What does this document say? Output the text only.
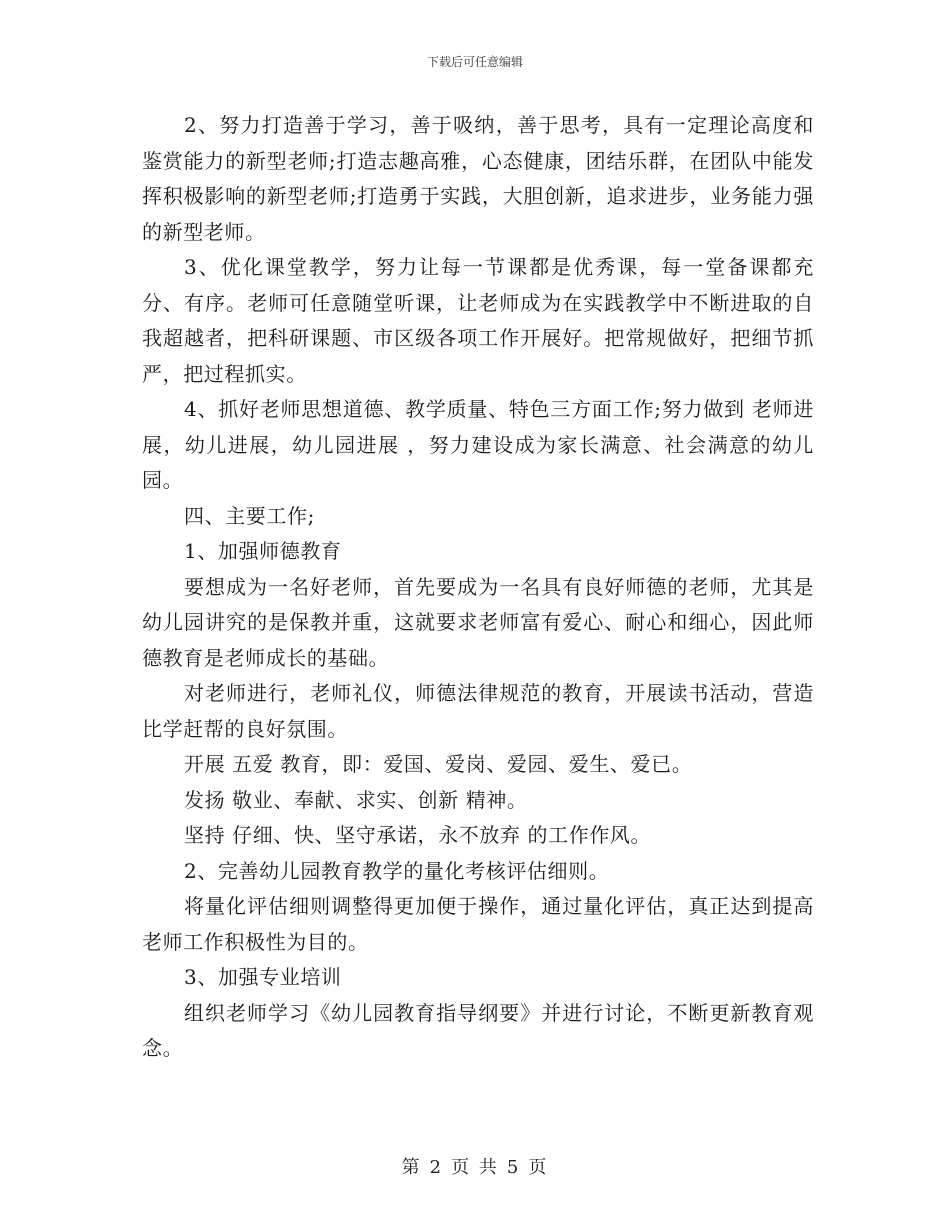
下载后可任意编辑

2、努力打造善于学习，善于吸纳，善于思考，具有一定理论高度和鉴赏能力的新型老师;打造志趣高雅，心态健康，团结乐群，在团队中能发挥积极影响的新型老师;打造勇于实践，大胆创新，追求进步，业务能力强的新型老师。

3、优化课堂教学，努力让每一节课都是优秀课，每一堂备课都充分、有序。老师可任意随堂听课，让老师成为在实践教学中不断进取的自我超越者，把科研课题、市区级各项工作开展好。把常规做好，把细节抓严，把过程抓实。

4、抓好老师思想道德、教学质量、特色三方面工作;努力做到 老师进展，幼儿进展，幼儿园进展 ，努力建设成为家长满意、社会满意的幼儿园。

四、主要工作;

1、加强师德教育

要想成为一名好老师，首先要成为一名具有良好师德的老师，尤其是幼儿园讲究的是保教并重，这就要求老师富有爱心、耐心和细心，因此师德教育是老师成长的基础。

对老师进行，老师礼仪，师德法律规范的教育，开展读书活动，营造比学赶帮的良好氛围。

开展 五爱 教育，即：爱国、爱岗、爱园、爱生、爱已。

发扬 敬业、奉献、求实、创新 精神。

坚持 仔细、快、坚守承诺，永不放弃 的工作作风。

2、完善幼儿园教育教学的量化考核评估细则。

将量化评估细则调整得更加便于操作，通过量化评估，真正达到提高老师工作积极性为目的。

3、加强专业培训

组织老师学习《幼儿园教育指导纲要》并进行讨论，不断更新教育观念。

第 2 页 共 5 页
